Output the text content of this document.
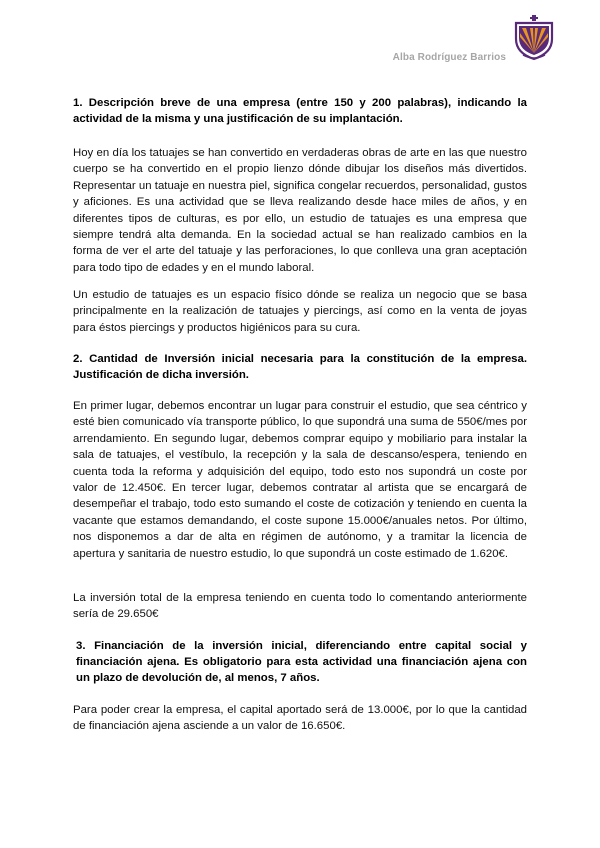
Alba Rodríguez Barrios
1. Descripción breve de una empresa (entre 150 y 200 palabras), indicando la actividad de la misma y una justificación de su implantación.

Hoy en día los tatuajes se han convertido en verdaderas obras de arte en las que nuestro cuerpo se ha convertido en el propio lienzo dónde dibujar los diseños más divertidos. Representar un tatuaje en nuestra piel, significa congelar recuerdos, personalidad, gustos y aficiones. Es una actividad que se lleva realizando desde hace miles de años, y en diferentes tipos de culturas, es por ello, un estudio de tatuajes es una empresa que siempre tendrá alta demanda. En la sociedad actual se han realizado cambios en la forma de ver el arte del tatuaje y las perforaciones, lo que conlleva una gran aceptación para todo tipo de edades y en el mundo laboral.

Un estudio de tatuajes es un espacio físico dónde se realiza un negocio que se basa principalmente en la realización de tatuajes y piercings, así como en la venta de joyas para éstos piercings y productos higiénicos para su cura.

2. Cantidad de Inversión inicial necesaria para la constitución de la empresa. Justificación de dicha inversión.

En primer lugar, debemos encontrar un lugar para construir el estudio, que sea céntrico y esté bien comunicado vía transporte público, lo que supondrá una suma de 550€/mes por arrendamiento. En segundo lugar, debemos comprar equipo y mobiliario para instalar la sala de tatuajes, el vestíbulo, la recepción y la sala de descanso/espera, teniendo en cuenta toda la reforma y adquisición del equipo, todo esto nos supondrá un coste por valor de 12.450€. En tercer lugar, debemos contratar al artista que se encargará de desempeñar el trabajo, todo esto sumando el coste de cotización y teniendo en cuenta la vacante que estamos demandando, el coste supone 15.000€/anuales netos. Por último, nos disponemos a dar de alta en régimen de autónomo, y a tramitar la licencia de apertura y sanitaria de nuestro estudio, lo que supondrá un coste estimado de 1.620€.

La inversión total de la empresa teniendo en cuenta todo lo comentando anteriormente sería de 29.650€

3. Financiación de la inversión inicial, diferenciando entre capital social y financiación ajena. Es obligatorio para esta actividad una financiación ajena con un plazo de devolución de, al menos, 7 años.

Para poder crear la empresa, el capital aportado será de 13.000€, por lo que la cantidad de financiación ajena asciende a un valor de 16.650€.
